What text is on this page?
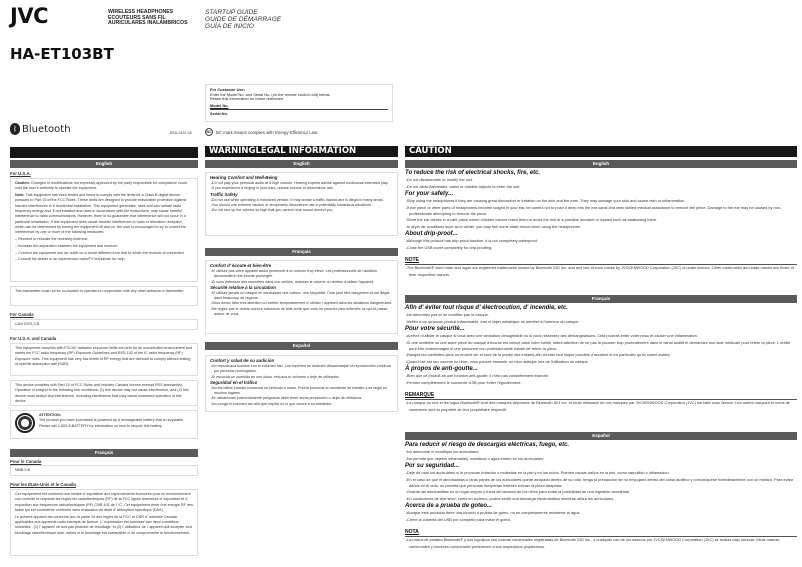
JVC	WIRELESS HEADPHONES
ECOUTEURS SANS FIL
AURICULARES INALÁMBRICOS
STARTUP GUIDE
GUIDE DE DÉMARRAGE
GUÍA DE INICIO
HA-ET103BT
ᛒ Bluetooth
For Customer Use:
Enter the Model No. and Serial No. (on the remote control unit) below.
Retain this information for future reference.
Model No.
Serial No.
BSA-2492-08	BC	BC mark means complies with Energy Efficiency Law.
English
For U.S.A.
Caution: Changes or modifications not expressly approved by the party responsible for compliance could void the user's authority to operate the equipment.
Note: This equipment has been tested and found to comply with the limits for a Class B digital device, pursuant to Part 15 of the FCC Rules. These limits are designed to provide reasonable protection against harmful interference in a residential installation. This equipment generates, uses and can radiate radio frequency energy and, if not installed and used in accordance with the instructions, may cause harmful interference to radio communications. However, there is no guarantee that interference will not occur in a particular installation. If this equipment does cause harmful interference to radio or television reception, which can be determined by turning the equipment off and on, the user is encouraged to try to correct the interference by one or more of the following measures:
– Reorient or relocate the receiving antenna.
– Increase the separation between the equipment and receiver.
– Connect the equipment into an outlet on a circuit different from that to which the receiver is connected.
– Consult the dealer or an experienced radio/TV technician for help.
This transmitter must not be co-located or operated in conjunction with any other antenna or transmitter.
For Canada
CAN ICES-3 B
For U.S.A. and Canada
This equipment complies with FCC/IC radiation exposure limits set forth for an uncontrolled environment and meets the FCC radio frequency (RF) Exposure Guidelines and RSS-102 of the IC radio frequency (RF) Exposure rules. This equipment has very low levels of RF energy that are deemed to comply without testing of specific absorption rate (SAR).
This device complies with Part 15 of FCC Rules and Industry Canada licence-exempt RSS standard(s). Operation is subject to the following two conditions: (1) this device may not cause interference, and (2) this device must accept any interference, including interference that may cause undesired operation of this device.
ATTENTION:
The product you have purchased is powered by a rechargeable battery that is recyclable. Please call 1-800-8-BATTERY for information on how to recycle this battery.
Français
Pour le Canada
NMB-3 B
Pour les États-Unis et le Canada
Cet équipement est conforme aux limites d' exposition aux rayonnements énoncées pour un environnement non contrôlé et respecte les règles les radioélectriques (RF) de la FCC lignes directrices d' exposition et d' exposition aux fréquences radioélectriques (RF) CNR-102 de l' IC. Cet équipement émet une énergie RF très faible qui est considérée conforme sans évaluation du débit d' absorption spécifique (DAS).
Le présent appareil est conforme aux la partie 15 des règles de la FCC et CNR d' Industrie Canada applicables aux appareils radio exempts de licence. L' exploitation est autorisée aux deux conditions suivantes : (1) l' appareil ne doit pas produire de brouillage, et (2) l' utilisateur de l' appareil doit accepter tout brouillage radioélectrique subi, même si le brouillage est susceptible d' en compromettre le fonctionnement.
WARNINGLEGAL INFORMATION
English
Hearing Comfort and Well-Being
▪ Do not play your personal audio at a high volume. Hearing experts advise against continuous extended play.
▪ If you experience a ringing in your ears, reduce volume or discontinue use.
Traffic Safety
▪ Do not use while operating a motorized vehicle. It may create a traffic hazard and is illegal in many areas.
▪ You should use extreme caution or temporarily discontinue use in potentially hazardous situations.
▪ Do not turn up the volume so high that you cannot hear sound around you.
Français
Confort d' écoute et bien-être
▪ N' utilisez pas votre appareil audio personnel à un volume trop élevé. Les professionnels de l'audition déconseillent une écoute prolongée.
▪ Si vous entendez des sonnettes dans vos oreilles, réduisez le volume ou arrêtez d'utiliser l'appareil.
Sécurité relative à la circulation
▪ N' utilisez jamais un casque en conduisant une voiture, une bicyclette. Cela peut être dangereux et est illégal dans beaucoup de régions.
▪ Vous devez faire très attention ou arrêter temporairement d' utiliser l' appareil dans les situations dangereuses.
▪ Ne réglez pas le niveau sonore maximum de telle sorte que vous ne pourriez plus entendre ce qui se passe autour de vous.
Español
Confort y salud de su audición
▪ No reproduzca sonidos con el volumen alto. Los expertos en audición desaconsejan la reproducción continua por periodos prolongados.
▪ Si escucha un zumbido en sus oídos, reduzca el volumen o deje de utilizarlos.
Seguridad en el tráfico
▪ No los utilice cuando conduzca un vehículo a motor. Podría provocar un accidente de tránsito y es ilegal en muchos lugares.
▪ En situaciones potencialmente peligrosas debe tener suma precaución o dejar de utilizarlos.
▪ No ponga el volumen tan alto que impida oír lo que ocurre a su alrededor.
CAUTION
English
To reduce the risk of electrical shocks, fire, etc.
▪ Do not disassemble or modify the unit.
▪ Do not allow flammable, water or metallic objects to enter the unit.
For your safety...
▪ Stop using the headphones if they are causing great discomfort or irritation on the skin and the ears. They may damage your skin and cause rash or inflammation.
▪ If ear piece or other parts of headphones become lodged in your ear, be careful not to push it deep into the ear canal and seek skilled medical assistance to remove the piece. Damage to the ear may be caused by non-professionals attempting to remove the piece.
▪ Store the ear pieces in a safe place where children cannot reach them to avoid the risk of a possible accident or hazard such as swallowing them.
▪ In dryer air conditions such as in winter, you may feel some static shock when using the headphones.
About drip-proof...
▪ Although this product has drip-proof function, it is not completely waterproof.
▪ Close the USB cover completely for drip-proofing.
NOTE
▪ The Bluetooth® word mark and logos are registered trademarks owned by Bluetooth SIG Inc, and any use of such marks by JVCKENWOOD Corporation (JVC) is under licence. Other trademarks and trade names are those of their respective owners.
Français
Afin d' éviter tout risque d' électrocution, d' incendie, etc.
▪ Ne démontez pas et ne modifiez pas le casque.
▪ Veillez à ce qu'aucun produit inflammable, eau ni objet métallique ne pénètre à l'intérieur du casque.
Pour votre sécurité...
▪ Arrêtez d'utiliser le casque si vous avez une sensation désagréable ou si vous ressentez des démangeaisons. Cela pourrait irriter votre peau et causer une inflammation.
▪ Si une oreillette ou une autre pièce du casque d'écoute est coincé dans votre oreille, faites attention de ne pas la pousser trop profondément dans le canal auditif et demandez une aide médicale pour retirer la pièce. L'oreille peut être endommagée si une personne non professionnelle essaie de retirer la pièce.
▪ Rangez les oreillettes dans un endroit sûr et hors de la portée des enfants afin d'éviter tout risque possible d'accident et en particulier qu'ils soient avalés.
▪ Quand l'air est sec comme en hiver, vous pouvez ressentir un choc statique lors de l'utilisation du casque.
À propos de anti-goutte...
▪ Bien que ce produit ait une fonction anti-goutte, il n'est pas complètement étanche.
▪ Fermez complètement le couvercle USB pour éviter l'égouttement.
REMARQUE
▪ La marque du mot et les logos Bluetooth® sont des marques déposées de Bluetooth SIG Inc. et toute utilisation de ces marques par JVCKENWOOD Corporation (JVC) est faite sous licence. Les autres marques et noms de commerce sont la propriété de leur propriétaire respectif.
Español
Para reducir el riesgo de descargas eléctricas, fuego, etc.
▪ No desmonte ni modifique los auriculares.
▪ No permita que objetos inflamables, metálicos o agua entren en los auriculares.
Por su seguridad...
▪ Deje de usar los auriculares si le provocan irritación o molestias en la piel y en los oídos. Pueden causar daños en la piel, como sarpullido o inflamación.
▪ En el caso de que el almohadillas u otras partes de los auriculares quede atrapado dentro de su oído, tenga la precaución de no empujarlo dentro del canal auditivo y comuníquese inmediatamente con un médico. Para evitar daños en el oído, no permita que personas inexpertas intenten extraer la pieza atrapada.
▪ Guarde las almohadillas en un lugar seguro y fuera del alcance de los niños para evitar la posibilidad de una ingestión accidental.
▪ En condiciones de aire seco, como en invierno, podría sentir una descarga electrostática mientras utiliza los auriculares.
Acerca de a prueba de goteo...
▪ Aunque este producto tiene una función a prueba de goteo, no es completamente resistente al agua.
▪ Cierre la cubierta del USB por completo para evitar el goteo.
NOTA
▪ La marca de palabra Bluetooth® y sus logotipos son marcas comerciales registradas de Bluetooth SIG Inc., y cualquier uso de los mismos por JVCKENWOOD Corporation (JVC) se realiza bajo licencia. Otras marcas comerciales y nombres comerciales pertenecen a sus respectivos propietarios.
